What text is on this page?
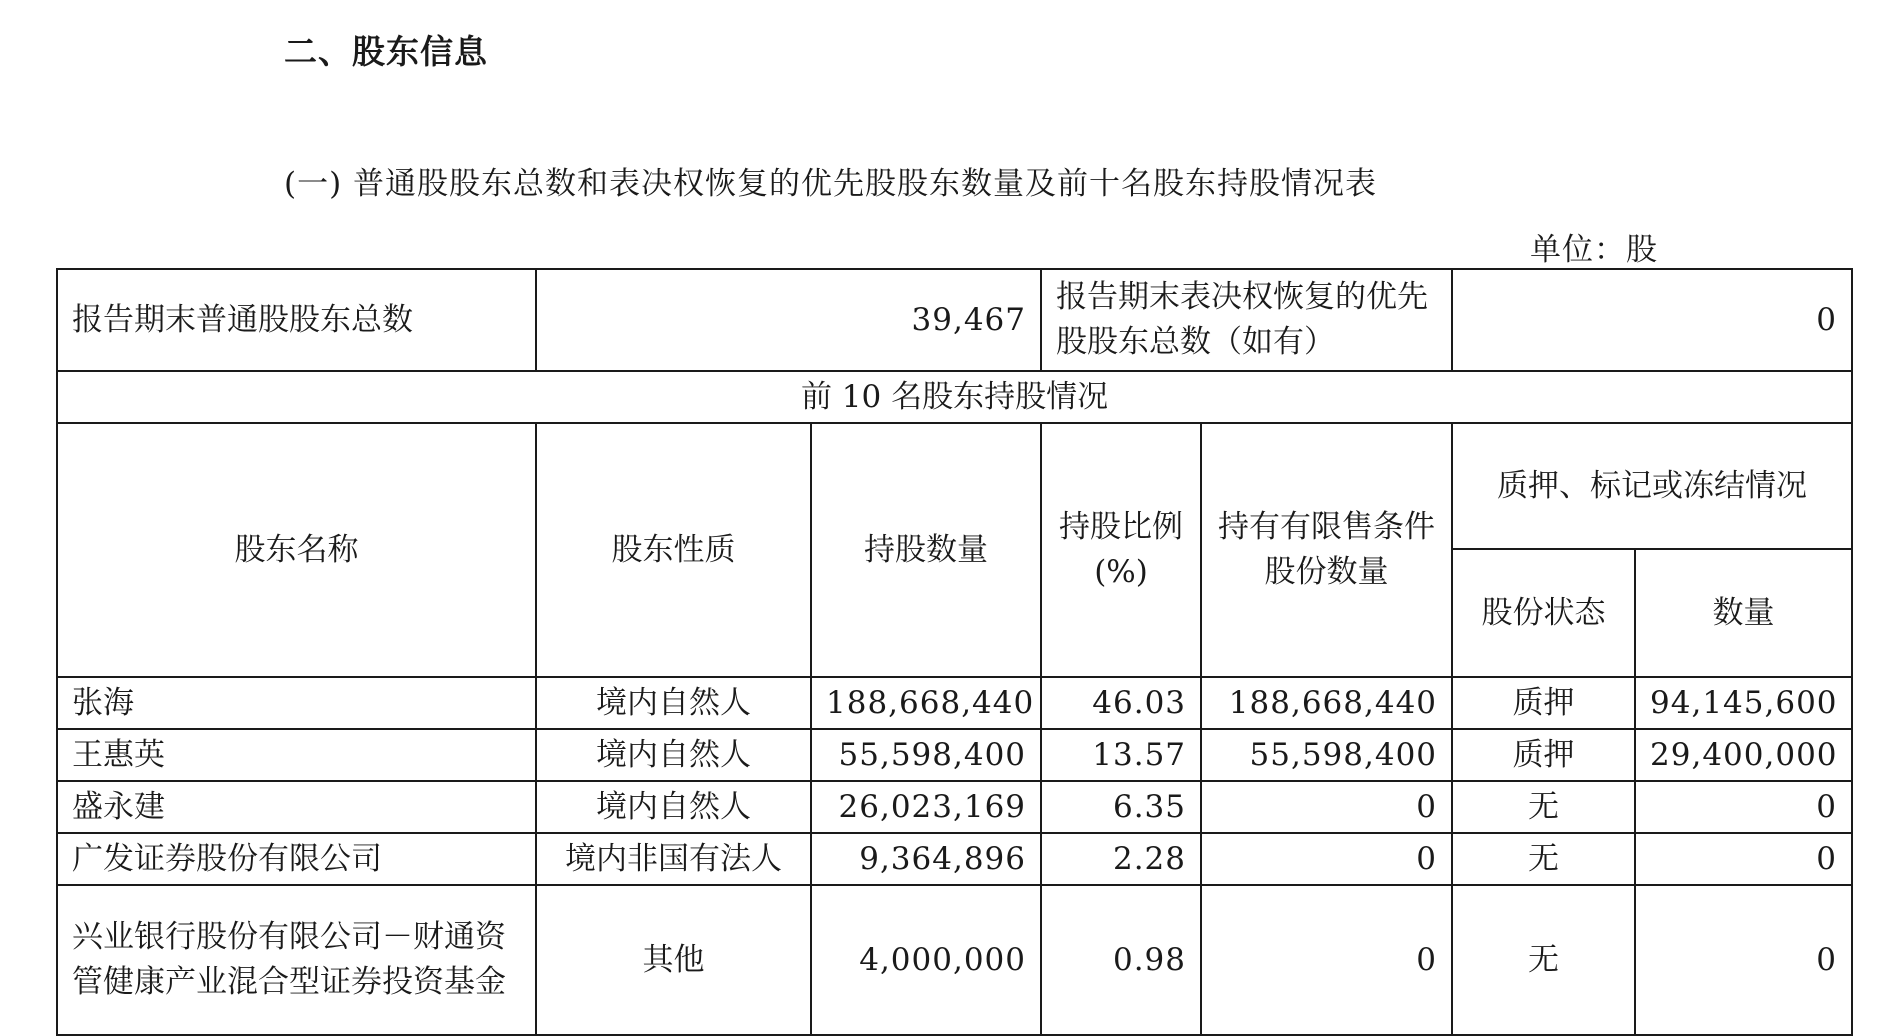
二、股东信息

(一) 普通股股东总数和表决权恢复的优先股股东数量及前十名股东持股情况表

单位：股
报告期末普通股股东总数	39,467		报告期末表决权恢复的优先股股东总数（如有）		0	
前 10 名股东持股情况						
股东名称	股东性质	持股数量	持股比例(%)	持有有限售条件股份数量	质押、标记或冻结情况	
					股份状态	数量
张海	境内自然人	188,668,440	46.03	188,668,440	质押	94,145,600
王惠英	境内自然人	55,598,400	13.57	55,598,400	质押	29,400,000
盛永建	境内自然人	26,023,169	6.35	0	无	0
广发证券股份有限公司	境内非国有法人	9,364,896	2.28	0	无	0
兴业银行股份有限公司－财通资管健康产业混合型证券投资基金	其他	4,000,000	0.98	0	无	0
